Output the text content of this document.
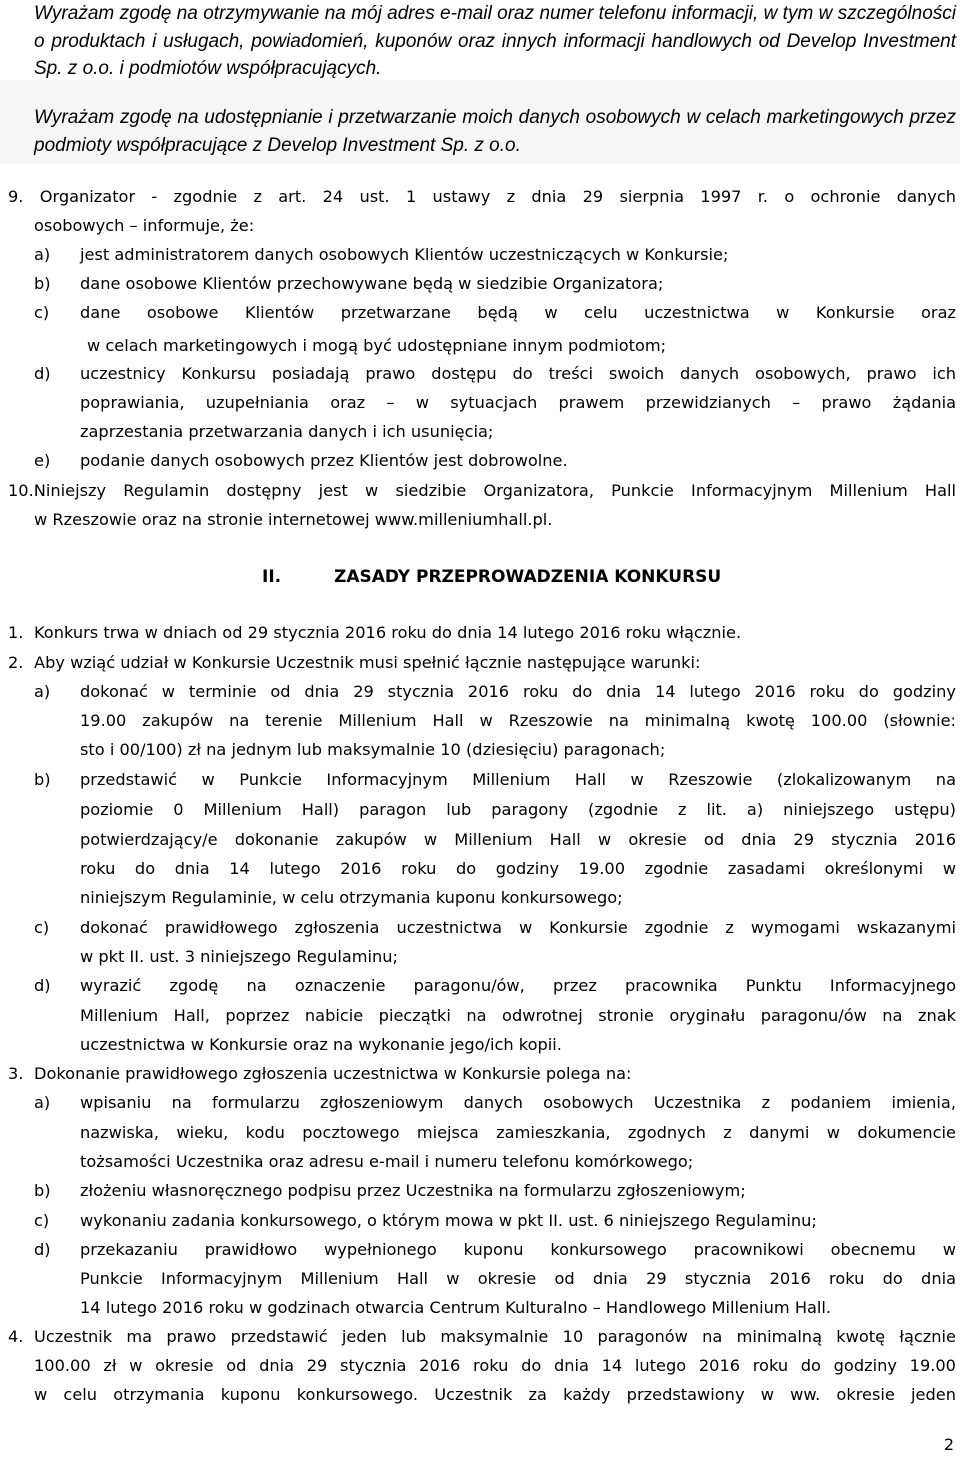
Wyrażam zgodę na otrzymywanie na mój adres e-mail oraz numer telefonu informacji, w tym w szczególności o produktach i usługach, powiadomień, kuponów oraz innych informacji handlowych od Develop Investment Sp. z o.o. i podmiotów współpracujących.
Wyrażam zgodę na udostępnianie i przetwarzanie moich danych osobowych w celach marketingowych przez podmioty współpracujące z Develop Investment Sp. z o.o.
9. Organizator - zgodnie z art. 24 ust. 1 ustawy z dnia 29 sierpnia 1997 r. o ochronie danych
osobowych – informuje, że:
a) jest administratorem danych osobowych Klientów uczestniczących w Konkursie;
b) dane osobowe Klientów przechowywane będą w siedzibie Organizatora;
c) dane osobowe Klientów przetwarzane będą w celu uczestnictwa w Konkursie oraz
w celach marketingowych i mogą być udostępniane innym podmiotom;
d) uczestnicy Konkursu posiadają prawo dostępu do treści swoich danych osobowych, prawo ich
poprawiania, uzupełniania oraz – w sytuacjach prawem przewidzianych – prawo żądania
zaprzestania przetwarzania danych i ich usunięcia;
e) podanie danych osobowych przez Klientów jest dobrowolne.
10.Niniejszy Regulamin dostępny jest w siedzibie Organizatora, Punkcie Informacyjnym Millenium Hall
w Rzeszowie oraz na stronie internetowej www.milleniumhall.pl.
II.	ZASADY PRZEPROWADZENIA KONKURSU
1. Konkurs trwa w dniach od 29 stycznia 2016 roku do dnia 14 lutego 2016 roku włącznie.
2. Aby wziąć udział w Konkursie Uczestnik musi spełnić łącznie następujące warunki:
a) dokonać w terminie od dnia 29 stycznia 2016 roku do dnia 14 lutego 2016 roku do godziny
19.00 zakupów na terenie Millenium Hall w Rzeszowie na minimalną kwotę 100.00 (słownie:
sto i 00/100) zł na jednym lub maksymalnie 10 (dziesięciu) paragonach;
b) przedstawić w Punkcie Informacyjnym Millenium Hall w Rzeszowie (zlokalizowanym na
poziomie 0 Millenium Hall) paragon lub paragony (zgodnie z lit. a) niniejszego ustępu)
potwierdzający/e dokonanie zakupów w Millenium Hall w okresie od dnia 29 stycznia 2016
roku do dnia 14 lutego 2016 roku do godziny 19.00 zgodnie zasadami określonymi w
niniejszym Regulaminie, w celu otrzymania kuponu konkursowego;
c) dokonać prawidłowego zgłoszenia uczestnictwa w Konkursie zgodnie z wymogami wskazanymi
w pkt II. ust. 3 niniejszego Regulaminu;
d) wyrazić zgodę na oznaczenie paragonu/ów, przez pracownika Punktu Informacyjnego
Millenium Hall, poprzez nabicie pieczątki na odwrotnej stronie oryginału paragonu/ów na znak
uczestnictwa w Konkursie oraz na wykonanie jego/ich kopii.
3. Dokonanie prawidłowego zgłoszenia uczestnictwa w Konkursie polega na:
a) wpisaniu na formularzu zgłoszeniowym danych osobowych Uczestnika z podaniem imienia,
nazwiska, wieku, kodu pocztowego miejsca zamieszkania, zgodnych z danymi w dokumencie
tożsamości Uczestnika oraz adresu e-mail i numeru telefonu komórkowego;
b) złożeniu własnoręcznego podpisu przez Uczestnika na formularzu zgłoszeniowym;
c) wykonaniu zadania konkursowego, o którym mowa w pkt II. ust. 6 niniejszego Regulaminu;
d) przekazaniu prawidłowo wypełnionego kuponu konkursowego pracownikowi obecnemu w
Punkcie Informacyjnym Millenium Hall w okresie od dnia 29 stycznia 2016 roku do dnia
14 lutego 2016 roku w godzinach otwarcia Centrum Kulturalno – Handlowego Millenium Hall.
4. Uczestnik ma prawo przedstawić jeden lub maksymalnie 10 paragonów na minimalną kwotę łącznie
100.00 zł w okresie od dnia 29 stycznia 2016 roku do dnia 14 lutego 2016 roku do godziny 19.00
w celu otrzymania kuponu konkursowego. Uczestnik za każdy przedstawiony w ww. okresie jeden
2
